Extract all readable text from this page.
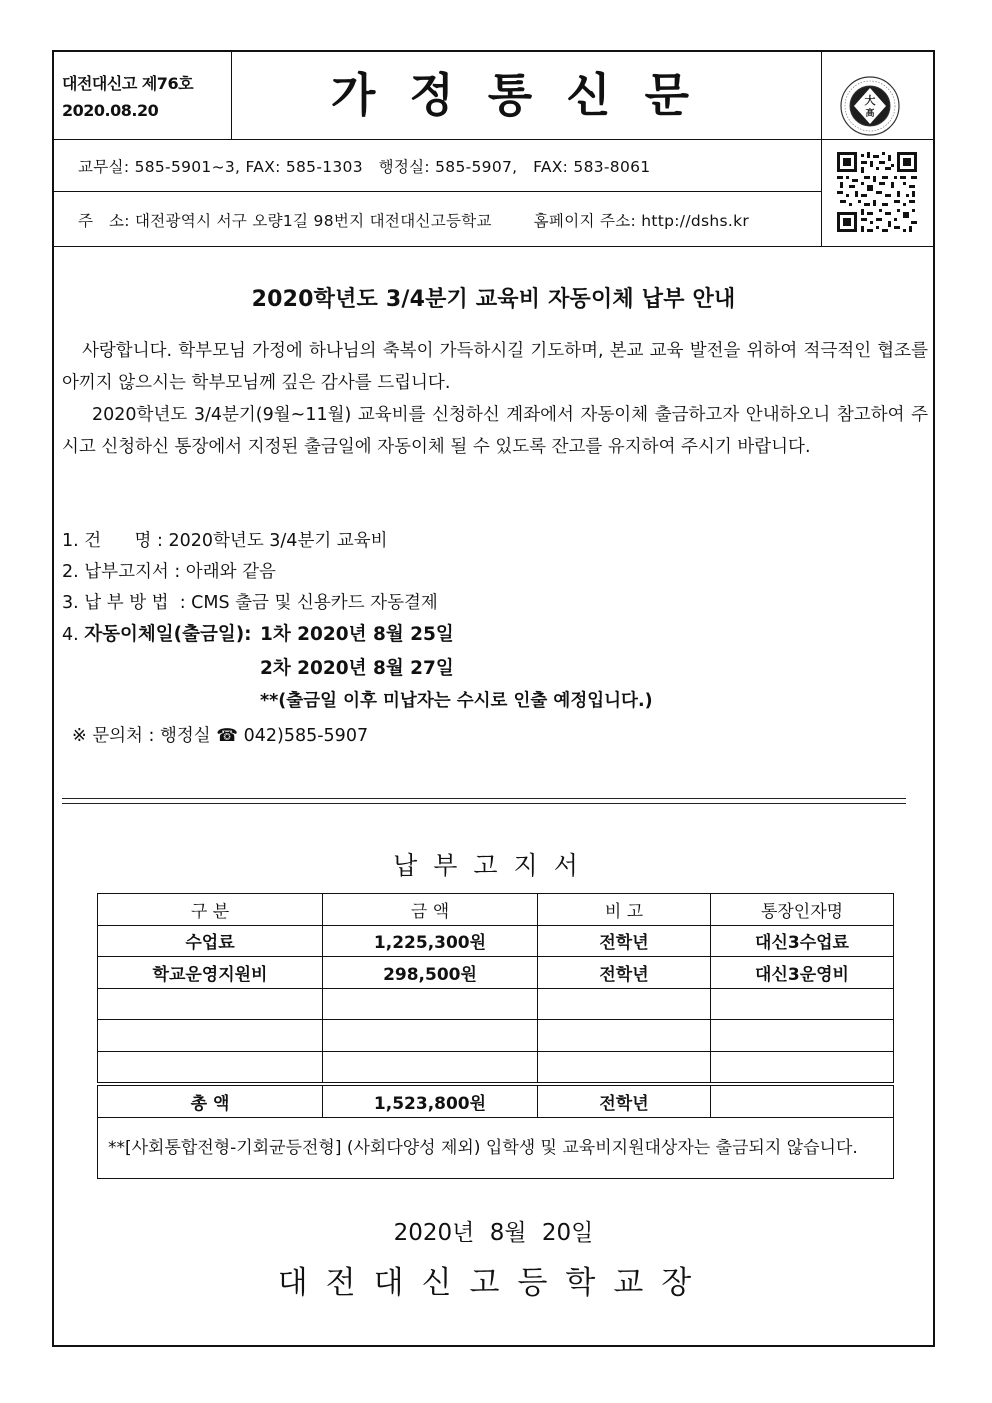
대전대신고 제76호
2020.08.20	가정통신문	大
高
교무실: 585-5901~3, FAX: 585-1303   행정실: 585-5907,   FAX: 583-8061
주   소: 대전광역시 서구 오량1길 98번지 대전대신고등학교        홈페이지 주소: http://dshs.kr
2020학년도 3/4분기 교육비 자동이체 납부 안내
사랑합니다. 학부모님 가정에 하나님의 축복이 가득하시길 기도하며, 본교 교육 발전을 위하여 적극적인 협조를 아끼지 않으시는 학부모님께 깊은 감사를 드립니다.
2020학년도 3/4분기(9월~11월) 교육비를 신청하신 계좌에서 자동이체 출금하고자 안내하오니 참고하여 주시고 신청하신 통장에서 지정된 출금일에 자동이체 될 수 있도록 잔고를 유지하여 주시기 바랍니다.
1. 건      명 : 2020학년도 3/4분기 교육비
2. 납부고지서 : 아래와 같음
3. 납 부 방 법  : CMS 출금 및 신용카드 자동결제
4. 자동이체일(출금일): 1차 2020년 8월 25일
2차 2020년 8월 27일
**(출금일 이후 미납자는 수시로 인출 예정입니다.)
※ 문의처 : 행정실 ☎ 042)585-5907
납부고지서
구 분	금 액	비 고	통장인자명
수업료	1,225,300원	전학년	대신3수업료
학교운영지원비	298,500원	전학년	대신3운영비

총 액	1,523,800원	전학년	
**[사회통합전형-기회균등전형] (사회다양성 제외) 입학생 및 교육비지원대상자는 출금되지 않습니다.			
2020년 8월 20일
대전대신고등학교장
